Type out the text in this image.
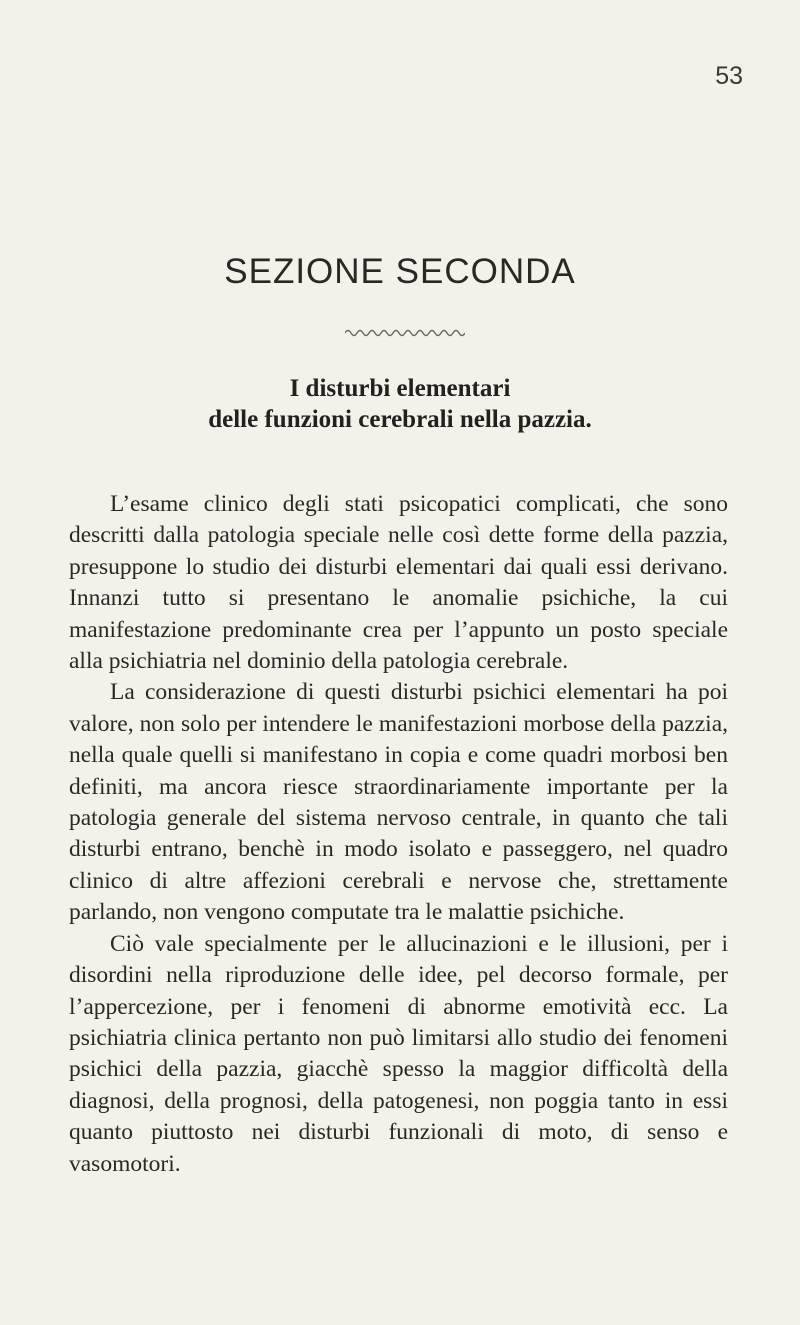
53
SEZIONE SECONDA
I disturbi elementari
delle funzioni cerebrali nella pazzia.

L’esame clinico degli stati psicopatici complicati, che sono descritti dalla patologia speciale nelle così dette forme della pazzia, presuppone lo studio dei disturbi elementari dai quali essi derivano. Innanzi tutto si presentano le anomalie psichiche, la cui manifestazione predominante crea per l’appunto un posto speciale alla psichiatria nel dominio della patologia cerebrale.

La considerazione di questi disturbi psichici elementari ha poi valore, non solo per intendere le manifestazioni morbose della pazzia, nella quale quelli si manifestano in copia e come quadri morbosi ben definiti, ma ancora riesce straordinariamente importante per la patologia generale del sistema nervoso centrale, in quanto che tali disturbi entrano, benchè in modo isolato e passeggero, nel quadro clinico di altre affezioni cerebrali e nervose che, strettamente parlando, non vengono computate tra le malattie psichiche.

Ciò vale specialmente per le allucinazioni e le illusioni, per i disordini nella riproduzione delle idee, pel decorso formale, per l’appercezione, per i fenomeni di abnorme emotività ecc. La psichiatria clinica pertanto non può limitarsi allo studio dei fenomeni psichici della pazzia, giacchè spesso la maggior difficoltà della diagnosi, della prognosi, della patogenesi, non poggia tanto in essi quanto piuttosto nei disturbi funzionali di moto, di senso e vasomotori.
